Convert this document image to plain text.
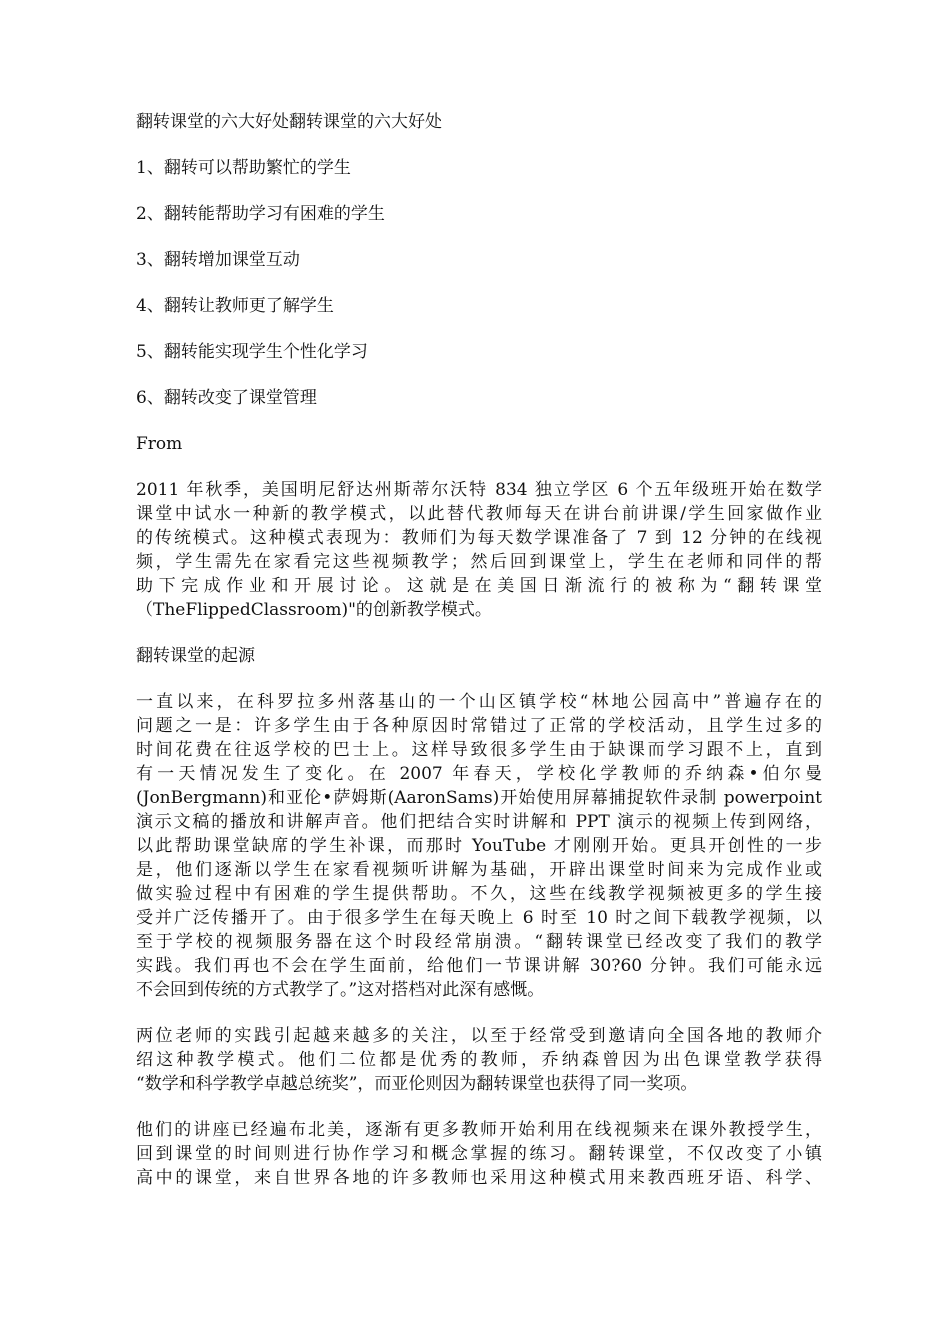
翻转课堂的六大好处翻转课堂的六大好处
1、翻转可以帮助繁忙的学生
2、翻转能帮助学习有困难的学生
3、翻转增加课堂互动
4、翻转让教师更了解学生
5、翻转能实现学生个性化学习
6、翻转改变了课堂管理
From
2011 年秋季，美国明尼舒达州斯蒂尔沃特 834 独立学区 6 个五年级班开始在数学
课堂中试水一种新的教学模式，以此替代教师每天在讲台前讲课/学生回家做作业
的传统模式。这种模式表现为：教师们为每天数学课准备了 7 到 12 分钟的在线视
频，学生需先在家看完这些视频教学；然后回到课堂上，学生在老师和同伴的帮
助下完成作业和开展讨论。这就是在美国日渐流行的被称为“翻转课堂
（TheFlippedClassroom)"的创新教学模式。
翻转课堂的起源
一直以来，在科罗拉多州落基山的一个山区镇学校“林地公园高中”普遍存在的
问题之一是：许多学生由于各种原因时常错过了正常的学校活动，且学生过多的
时间花费在往返学校的巴士上。这样导致很多学生由于缺课而学习跟不上，直到
有一天情况发生了变化。在 2007 年春天，学校化学教师的乔纳森•伯尔曼
(JonBergmann)和亚伦•萨姆斯(AaronSams)开始使用屏幕捕捉软件录制 powerpoint
演示文稿的播放和讲解声音。他们把结合实时讲解和 PPT 演示的视频上传到网络，
以此帮助课堂缺席的学生补课，而那时 YouTube 才刚刚开始。更具开创性的一步
是，他们逐渐以学生在家看视频听讲解为基础，开辟出课堂时间来为完成作业或
做实验过程中有困难的学生提供帮助。不久，这些在线教学视频被更多的学生接
受并广泛传播开了。由于很多学生在每天晚上 6 时至 10 时之间下载教学视频，以
至于学校的视频服务器在这个时段经常崩溃。“翻转课堂已经改变了我们的教学
实践。我们再也不会在学生面前，给他们一节课讲解 30?60 分钟。我们可能永远
不会回到传统的方式教学了。”这对搭档对此深有感慨。
两位老师的实践引起越来越多的关注，以至于经常受到邀请向全国各地的教师介
绍这种教学模式。他们二位都是优秀的教师，乔纳森曾因为出色课堂教学获得
“数学和科学教学卓越总统奖”，而亚伦则因为翻转课堂也获得了同一奖项。
他们的讲座已经遍布北美，逐渐有更多教师开始利用在线视频来在课外教授学生，
回到课堂的时间则进行协作学习和概念掌握的练习。翻转课堂，不仅改变了小镇
高中的课堂，来自世界各地的许多教师也采用这种模式用来教西班牙语、科学、
